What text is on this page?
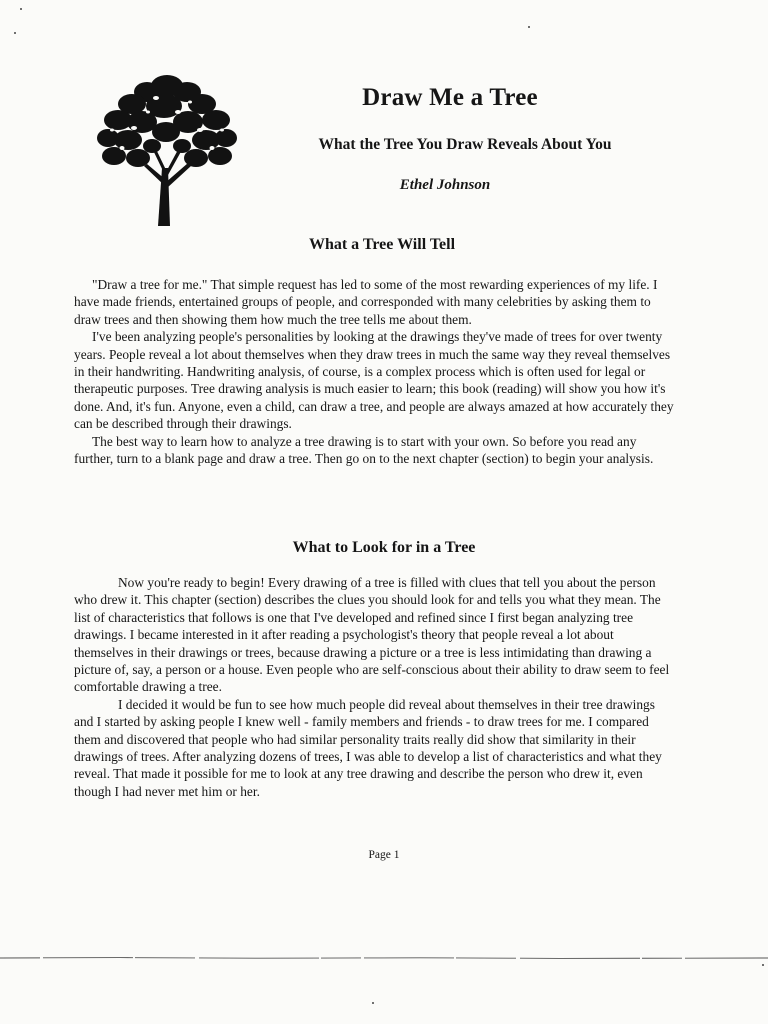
Draw Me a Tree
What the Tree You Draw Reveals About You
Ethel Johnson
What a Tree Will Tell

"Draw a tree for me." That simple request has led to some of the most rewarding experiences of my life. I have made friends, entertained groups of people, and corresponded with many celebrities by asking them to draw trees and then showing them how much the tree tells me about them.

I've been analyzing people's personalities by looking at the drawings they've made of trees for over twenty years. People reveal a lot about themselves when they draw trees in much the same way they reveal themselves in their handwriting. Handwriting analysis, of course, is a complex process which is often used for legal or therapeutic purposes. Tree drawing analysis is much easier to learn; this book (reading) will show you how it's done. And, it's fun. Anyone, even a child, can draw a tree, and people are always amazed at how accurately they can be described through their drawings.

The best way to learn how to analyze a tree drawing is to start with your own. So before you read any further, turn to a blank page and draw a tree. Then go on to the next chapter (section) to begin your analysis.

What to Look for in a Tree

Now you're ready to begin! Every drawing of a tree is filled with clues that tell you about the person who drew it. This chapter (section) describes the clues you should look for and tells you what they mean. The list of characteristics that follows is one that I've developed and refined since I first began analyzing tree drawings. I became interested in it after reading a psychologist's theory that people reveal a lot about themselves in their drawings or trees, because drawing a picture or a tree is less intimidating than drawing a picture of, say, a person or a house. Even people who are self-conscious about their ability to draw seem to feel comfortable drawing a tree.

I decided it would be fun to see how much people did reveal about themselves in their tree drawings and I started by asking people I knew well - family members and friends - to draw trees for me. I compared them and discovered that people who had similar personality traits really did show that similarity in their drawings of trees. After analyzing dozens of trees, I was able to develop a list of characteristics and what they reveal. That made it possible for me to look at any tree drawing and describe the person who drew it, even though I had never met him or her.

Page 1
